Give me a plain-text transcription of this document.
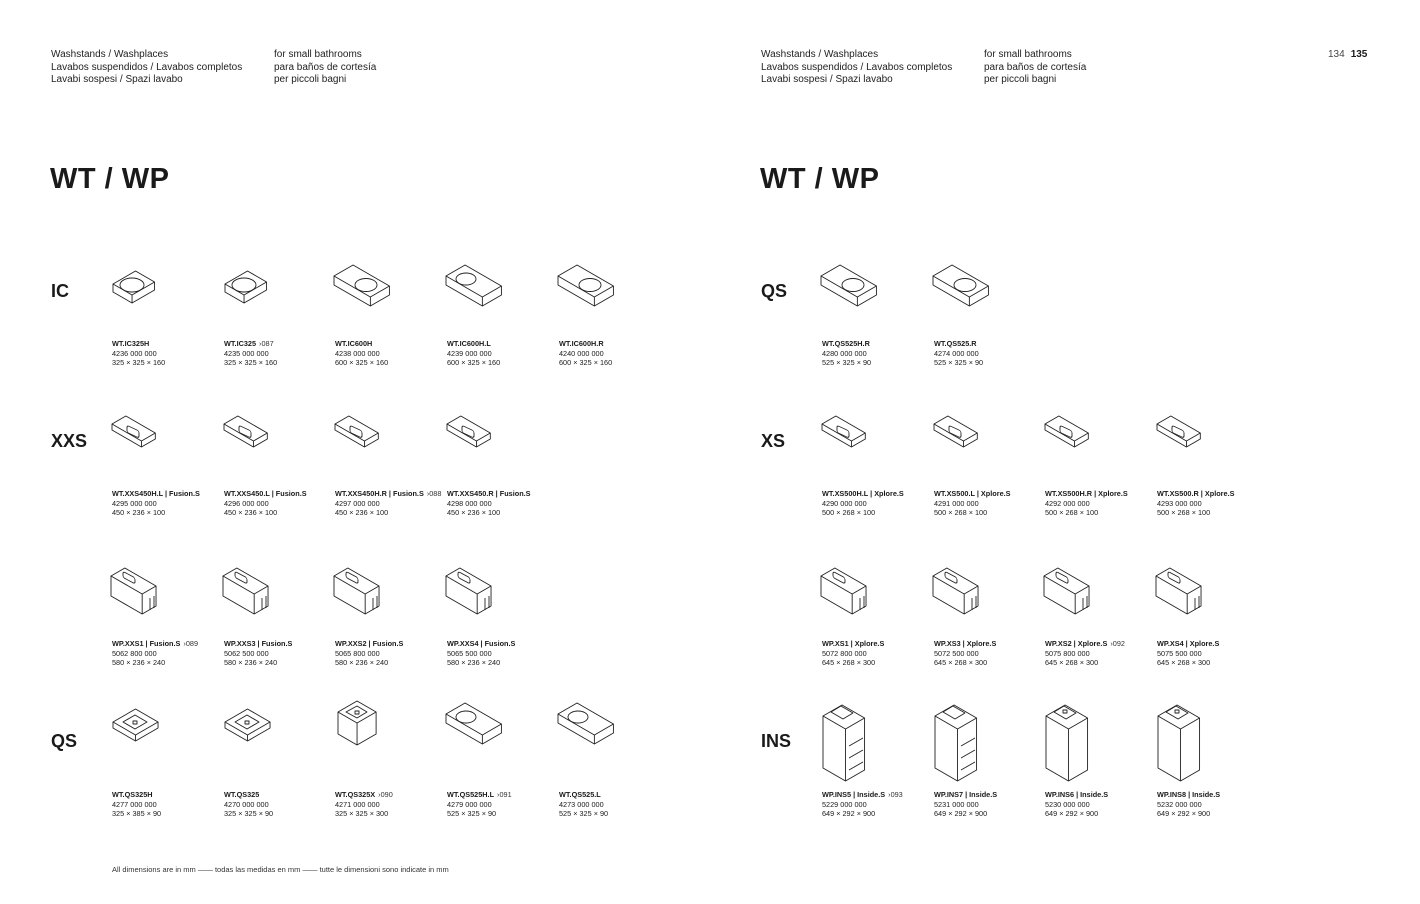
Washstands / Washplaces
Lavabos suspendidos / Lavabos completos
Lavabi sospesi / Spazi lavabo
for small bathrooms
para baños de cortesía
per piccoli bagni
Washstands / Washplaces
Lavabos suspendidos / Lavabos completos
Lavabi sospesi / Spazi lavabo
for small bathrooms
para baños de cortesía
per piccoli bagni
134 135
WT / WP	WT / WP
IC
WT.IC325H
4236 000 000
325 × 325 × 160
WT.IC325 ›087
4235 000 000
325 × 325 × 160
WT.IC600H
4238 000 000
600 × 325 × 160
WT.IC600H.L
4239 000 000
600 × 325 × 160
WT.IC600H.R
4240 000 000
600 × 325 × 160
XXS
WT.XXS450H.L | Fusion.S
4295 000 000
450 × 236 × 100
WT.XXS450.L | Fusion.S
4296 000 000
450 × 236 × 100
WT.XXS450H.R | Fusion.S ›088
4297 000 000
450 × 236 × 100
WT.XXS450.R | Fusion.S
4298 000 000
450 × 236 × 100
WP.XXS1 | Fusion.S ›089
5062 800 000
580 × 236 × 240
WP.XXS3 | Fusion.S
5062 500 000
580 × 236 × 240
WP.XXS2 | Fusion.S
5065 800 000
580 × 236 × 240
WP.XXS4 | Fusion.S
5065 500 000
580 × 236 × 240
QS
WT.QS325H
4277 000 000
325 × 385 × 90
WT.QS325
4270 000 000
325 × 325 × 90
WT.QS325X ›090
4271 000 000
325 × 325 × 300
WT.QS525H.L ›091
4279 000 000
525 × 325 × 90
WT.QS525.L
4273 000 000
525 × 325 × 90
QS
WT.QS525H.R
4280 000 000
525 × 325 × 90
WT.QS525.R
4274 000 000
525 × 325 × 90
XS
WT.XS500H.L | Xplore.S
4290 000 000
500 × 268 × 100
WT.XS500.L | Xplore.S
4291 000 000
500 × 268 × 100
WT.XS500H.R | Xplore.S
4292 000 000
500 × 268 × 100
WT.XS500.R | Xplore.S
4293 000 000
500 × 268 × 100
WP.XS1 | Xplore.S
5072 800 000
645 × 268 × 300
WP.XS3 | Xplore.S
5072 500 000
645 × 268 × 300
WP.XS2 | Xplore.S ›092
5075 800 000
645 × 268 × 300
WP.XS4 | Xplore.S
5075 500 000
645 × 268 × 300
INS
WP.INS5 | Inside.S ›093
5229 000 000
649 × 292 × 900
WP.INS7 | Inside.S
5231 000 000
649 × 292 × 900
WP.INS6 | Inside.S
5230 000 000
649 × 292 × 900
WP.INS8 | Inside.S
5232 000 000
649 × 292 × 900
All dimensions are in mm —— todas las medidas en mm —— tutte le dimensioni sono indicate in mm
